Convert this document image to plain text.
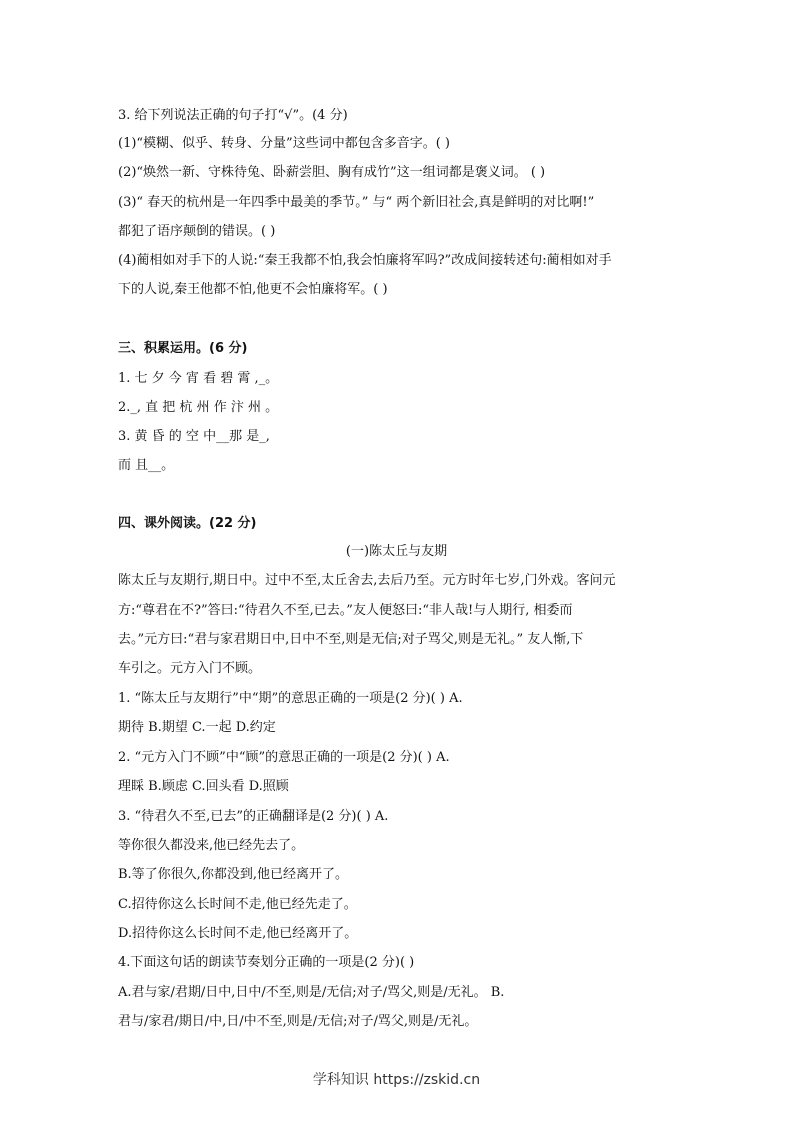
3. 给下列说法正确的句子打“√”。(4 分)
(1)“模糊、似乎、转身、分量”这些词中都包含多音字。( )
(2)“焕然一新、守株待兔、卧薪尝胆、胸有成竹”这一组词都是褒义词。 ( )
(3)“ 春天的杭州是一年四季中最美的季节。” 与“ 两个新旧社会,真是鲜明的对比啊!”
都犯了语序颠倒的错误。( )
(4)蔺相如对手下的人说:“秦王我都不怕,我会怕廉将军吗?”改成间接转述句:蔺相如对手
下的人说,秦王他都不怕,他更不会怕廉将军。( )
三、积累运用。(6 分)
1. 七 夕 今 宵 看 碧 霄 ,_。
2._, 直 把 杭 州 作 汴 州 。
3. 黄 昏 的 空 中__那 是_,
而 且__。
四、课外阅读。(22 分)
(一)陈太丘与友期
陈太丘与友期行,期日中。过中不至,太丘舍去,去后乃至。元方时年七岁,门外戏。客问元
方:“尊君在不?”答曰:“待君久不至,已去。”友人便怒曰:“非人哉!与人期行, 相委而
去。”元方曰:“君与家君期日中,日中不至,则是无信;对子骂父,则是无礼。” 友人惭,下
车引之。元方入门不顾。
1. “陈太丘与友期行”中“期”的意思正确的一项是(2 分)( ) A.
期待 B.期望 C.一起 D.约定
2. “元方入门不顾”中“顾”的意思正确的一项是(2 分)( ) A.
理睬 B.顾虑 C.回头看 D.照顾
3. “待君久不至,已去”的正确翻译是(2 分)( ) A.
等你很久都没来,他已经先去了。
B.等了你很久,你都没到,他已经离开了。
C.招待你这么长时间不走,他已经先走了。
D.招待你这么长时间不走,他已经离开了。
4.下面这句话的朗读节奏划分正确的一项是(2 分)( )
A.君与家/君期/日中,日中/不至,则是/无信;对子/骂父,则是/无礼。 B.
君与/家君/期日/中,日/中不至,则是/无信;对子/骂父,则是/无礼。
学科知识 https://zskid.cn
